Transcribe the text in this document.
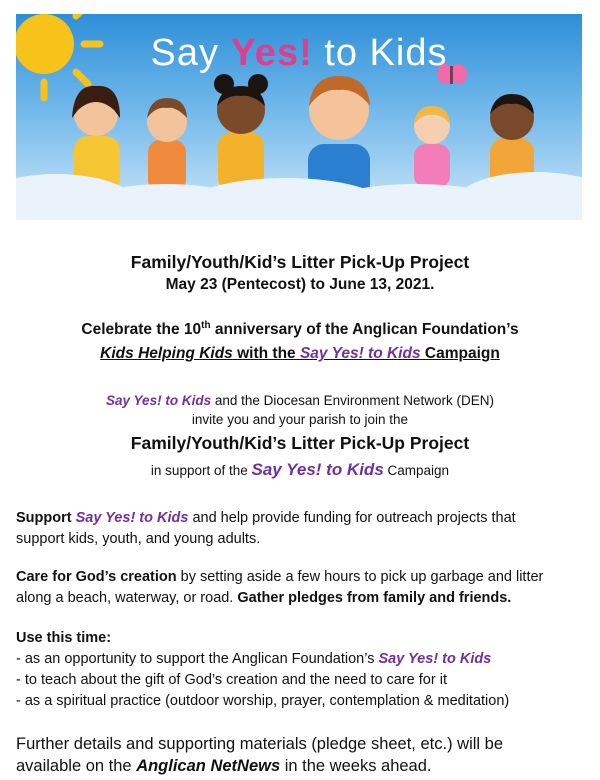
Say Yes! to Kids
Family/Youth/Kid’s Litter Pick-Up Project
May 23 (Pentecost) to June 13, 2021.
Celebrate the 10th anniversary of the Anglican Foundation’s
Kids Helping Kids with the Say Yes! to Kids Campaign
Say Yes! to Kids and the Diocesan Environment Network (DEN)
invite you and your parish to join the
Family/Youth/Kid’s Litter Pick-Up Project
in support of the Say Yes! to Kids Campaign
Support Say Yes! to Kids and help provide funding for outreach projects that
support kids, youth, and young adults.
Care for God’s creation by setting aside a few hours to pick up garbage and litter
along a beach, waterway, or road. Gather pledges from family and friends.
Use this time:
- as an opportunity to support the Anglican Foundation’s Say Yes! to Kids
- to teach about the gift of God’s creation and the need to care for it
- as a spiritual practice (outdoor worship, prayer, contemplation & meditation)
Further details and supporting materials (pledge sheet, etc.) will be
available on the Anglican NetNews in the weeks ahead.
